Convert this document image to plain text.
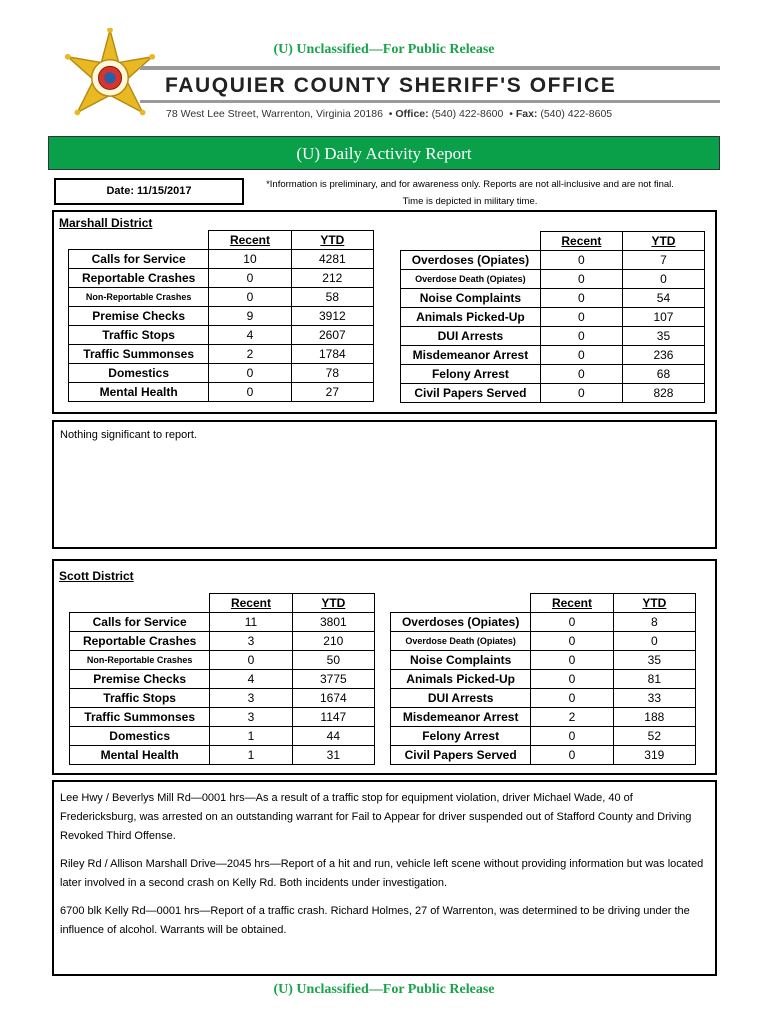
(U) Unclassified—For Public Release
FAUQUIER COUNTY SHERIFF'S OFFICE
78 West Lee Street, Warrenton, Virginia 20186  • Office: (540) 422-8600  • Fax: (540) 422-8605
(U) Daily Activity Report
Date: 11/15/2017
*Information is preliminary, and for awareness only. Reports are not all-inclusive and are not final.
Time is depicted in military time.
Marshall District
	Recent	YTD
Calls for Service	10	4281
Reportable Crashes	0	212
Non-Reportable Crashes	0	58
Premise Checks	9	3912
Traffic Stops	4	2607
Traffic Summonses	2	1784
Domestics	0	78
Mental Health	0	27
	Recent	YTD
Overdoses (Opiates)	0	7
Overdose Death (Opiates)	0	0
Noise Complaints	0	54
Animals Picked-Up	0	107
DUI Arrests	0	35
Misdemeanor Arrest	0	236
Felony Arrest	0	68
Civil Papers Served	0	828
Nothing significant to report.
Scott District
	Recent	YTD
Calls for Service	11	3801
Reportable Crashes	3	210
Non-Reportable Crashes	0	50
Premise Checks	4	3775
Traffic Stops	3	1674
Traffic Summonses	3	1147
Domestics	1	44
Mental Health	1	31
	Recent	YTD
Overdoses (Opiates)	0	8
Overdose Death (Opiates)	0	0
Noise Complaints	0	35
Animals Picked-Up	0	81
DUI Arrests	0	33
Misdemeanor Arrest	2	188
Felony Arrest	0	52
Civil Papers Served	0	319
Lee Hwy / Beverlys Mill Rd—0001 hrs—As a result of a traffic stop for equipment violation, driver Michael Wade, 40 of Fredericksburg, was arrested on an outstanding warrant for Fail to Appear for driver suspended out of Stafford County and Driving Revoked Third Offense.
Riley Rd / Allison Marshall Drive—2045 hrs—Report of a hit and run, vehicle left scene without providing information but was located later involved in a second crash on Kelly Rd. Both incidents under investigation.
6700 blk Kelly Rd—0001 hrs—Report of a traffic crash. Richard Holmes, 27 of Warrenton, was determined to be driving under the influence of alcohol. Warrants will be obtained.
(U) Unclassified—For Public Release
